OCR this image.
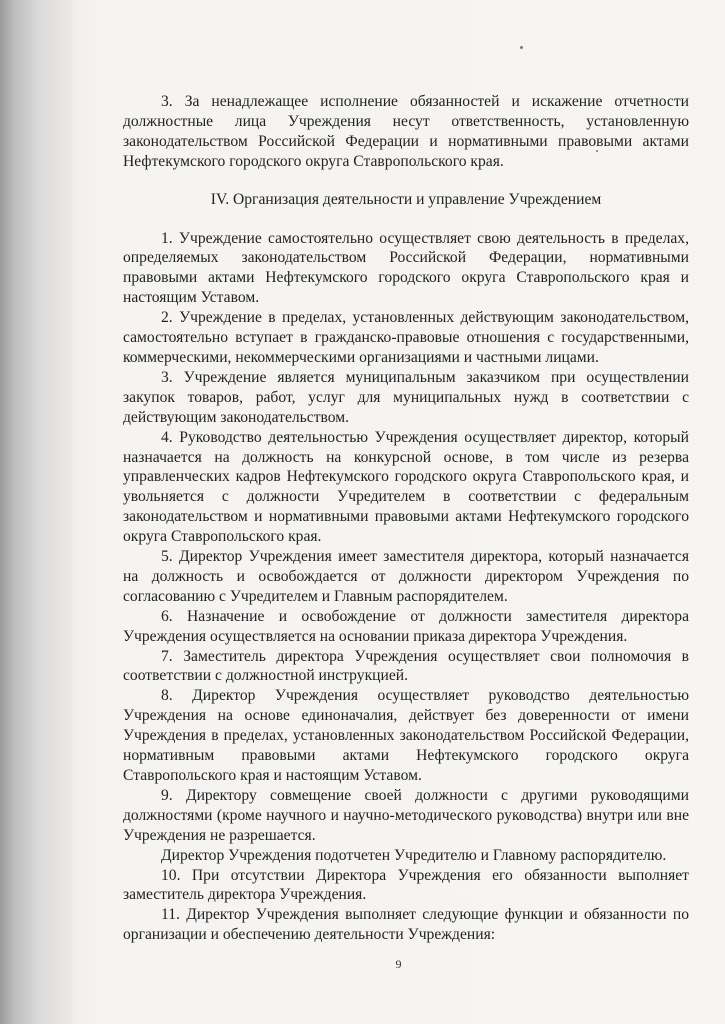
3. За ненадлежащее исполнение обязанностей и искажение отчетности должностные лица Учреждения несут ответственность, установленную законодательством Российской Федерации и нормативными правовыми актами Нефтекумского городского округа Ставропольского края.

IV. Организация деятельности и управление Учреждением

1. Учреждение самостоятельно осуществляет свою деятельность в пределах, определяемых законодательством Российской Федерации, нормативными правовыми актами Нефтекумского городского округа Ставропольского края и настоящим Уставом.

2. Учреждение в пределах, установленных действующим законодательством, самостоятельно вступает в гражданско-правовые отношения с государственными, коммерческими, некоммерческими организациями и частными лицами.

3. Учреждение является муниципальным заказчиком при осуществлении закупок товаров, работ, услуг для муниципальных нужд в соответствии с действующим законодательством.

4. Руководство деятельностью Учреждения осуществляет директор, который назначается на должность на конкурсной основе, в том числе из резерва управленческих кадров Нефтекумского городского округа Ставропольского края, и увольняется с должности Учредителем в соответствии с федеральным законодательством и нормативными правовыми актами Нефтекумского городского округа Ставропольского края.

5. Директор Учреждения имеет заместителя директора, который назначается на должность и освобождается от должности директором Учреждения по согласованию с Учредителем и Главным распорядителем.

6. Назначение и освобождение от должности заместителя директора Учреждения осуществляется на основании приказа директора Учреждения.

7. Заместитель директора Учреждения осуществляет свои полномочия в соответствии с должностной инструкцией.

8. Директор Учреждения осуществляет руководство деятельностью Учреждения на основе единоначалия, действует без доверенности от имени Учреждения в пределах, установленных законодательством Российской Федерации, нормативным правовыми актами Нефтекумского городского округа Ставропольского края и настоящим Уставом.

9. Директору совмещение своей должности с другими руководящими должностями (кроме научного и научно-методического руководства) внутри или вне Учреждения не разрешается.

Директор Учреждения подотчетен Учредителю и Главному распорядителю.

10. При отсутствии Директора Учреждения его обязанности выполняет заместитель директора Учреждения.

11. Директор Учреждения выполняет следующие функции и обязанности по организации и обеспечению деятельности Учреждения:

9
